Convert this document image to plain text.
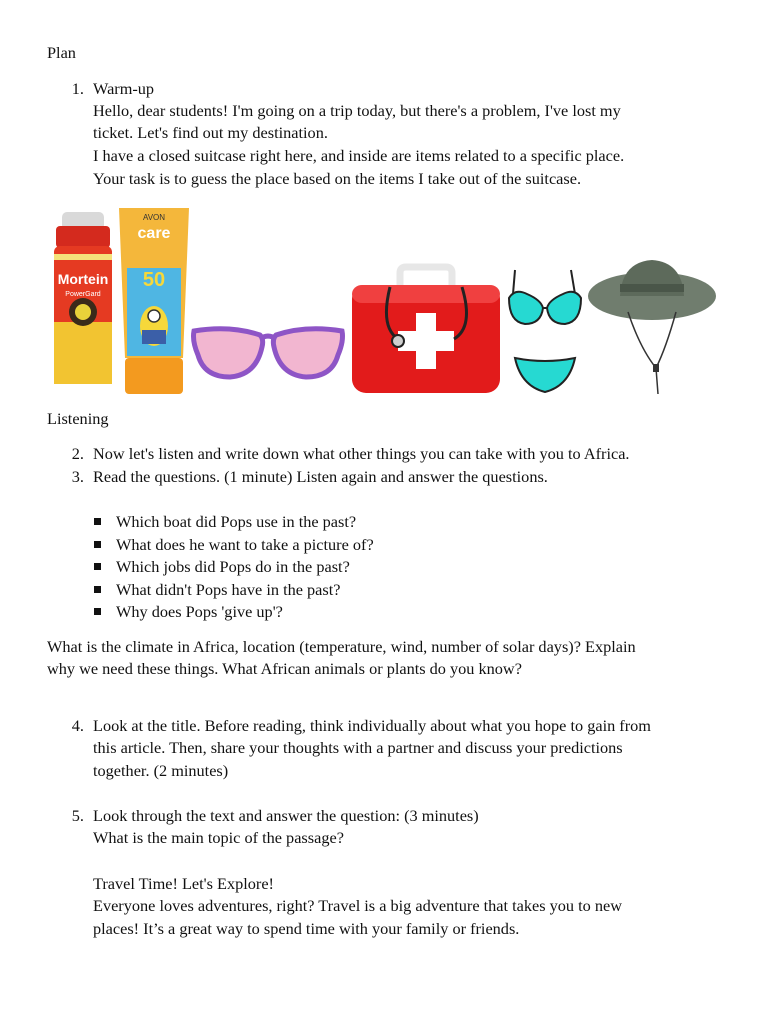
Plan
1. Warm-up
Hello, dear students! I'm going on a trip today, but there's a problem, I've lost my
ticket. Let's find out my destination.
I have a closed suitcase right here, and inside are items related to a specific place.
Your task is to guess the place based on the items I take out of the suitcase.
Mortein
PowerGard
AVON
care
50
Listening
2. Now let's listen and write down what other things you can take with you to Africa.
3. Read the questions. (1 minute) Listen again and answer the questions.
Which boat did Pops use in the past?
What does he want to take a picture of?
Which jobs did Pops do in the past?
What didn't Pops have in the past?
Why does Pops 'give up'?
What is the climate in Africa, location (temperature, wind, number of solar days)? Explain
why we need these things. What African animals or plants do you know?
4. Look at the title. Before reading, think individually about what you hope to gain from
this article. Then, share your thoughts with a partner and discuss your predictions
together. (2 minutes)
5. Look through the text and answer the question: (3 minutes)
What is the main topic of the passage?
Travel Time! Let's Explore!
Everyone loves adventures, right? Travel is a big adventure that takes you to new
places! It’s a great way to spend time with your family or friends.
